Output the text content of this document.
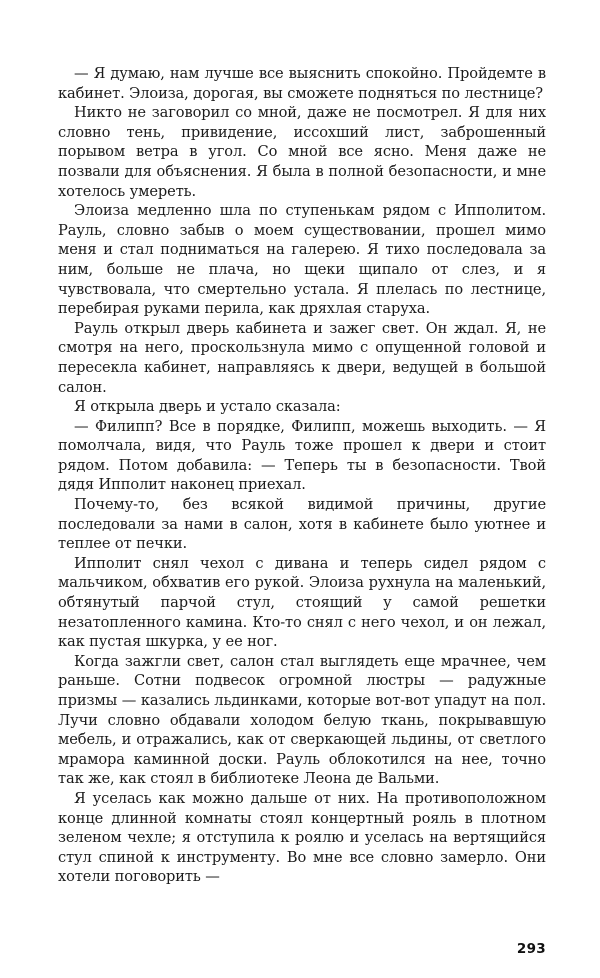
— Я думаю, нам лучше все выяснить спокойно. Пройдемте в кабинет. Элоиза, дорогая, вы сможете подняться по лестнице?

Никто не заговорил со мной, даже не посмотрел. Я для них словно тень, привидение, иссохший лист, заброшенный порывом ветра в угол. Со мной все ясно. Меня даже не позвали для объяснения. Я была в полной безопасности, и мне хотелось умереть.

Элоиза медленно шла по ступенькам рядом с Ипполитом. Рауль, словно забыв о моем существовании, прошел мимо меня и стал подниматься на галерею. Я тихо последовала за ним, больше не плача, но щеки щипало от слез, и я чувствовала, что смертельно устала. Я плелась по лестнице, перебирая руками перила, как дряхлая старуха.

Рауль открыл дверь кабинета и зажег свет. Он ждал. Я, не смотря на него, проскользнула мимо с опущенной головой и пересекла кабинет, направляясь к двери, ведущей в большой салон.

Я открыла дверь и устало сказала:

— Филипп? Все в порядке, Филипп, можешь выходить. — Я помолчала, видя, что Рауль тоже прошел к двери и стоит рядом. Потом добавила: — Теперь ты в безопасности. Твой дядя Ипполит наконец приехал.

Почему-то, без всякой видимой причины, другие последовали за нами в салон, хотя в кабинете было уютнее и теплее от печки.

Ипполит снял чехол с дивана и теперь сидел рядом с мальчиком, обхватив его рукой. Элоиза рухнула на маленький, обтянутый парчой стул, стоящий у самой решетки незатопленного камина. Кто-то снял с него чехол, и он лежал, как пустая шкурка, у ее ног.

Когда зажгли свет, салон стал выглядеть еще мрачнее, чем раньше. Сотни подвесок огромной люстры — радужные призмы — казались льдинками, которые вот-вот упадут на пол. Лучи словно обдавали холодом белую ткань, покрывавшую мебель, и отражались, как от сверкающей льдины, от светлого мрамора каминной доски. Рауль облокотился на нее, точно так же, как стоял в библиотеке Леона де Вальми.

Я уселась как можно дальше от них. На противоположном конце длинной комнаты стоял концертный рояль в плотном зеленом чехле; я отступила к роялю и уселась на вертящийся стул спиной к инструменту. Во мне все словно замерло. Они хотели поговорить —

293
